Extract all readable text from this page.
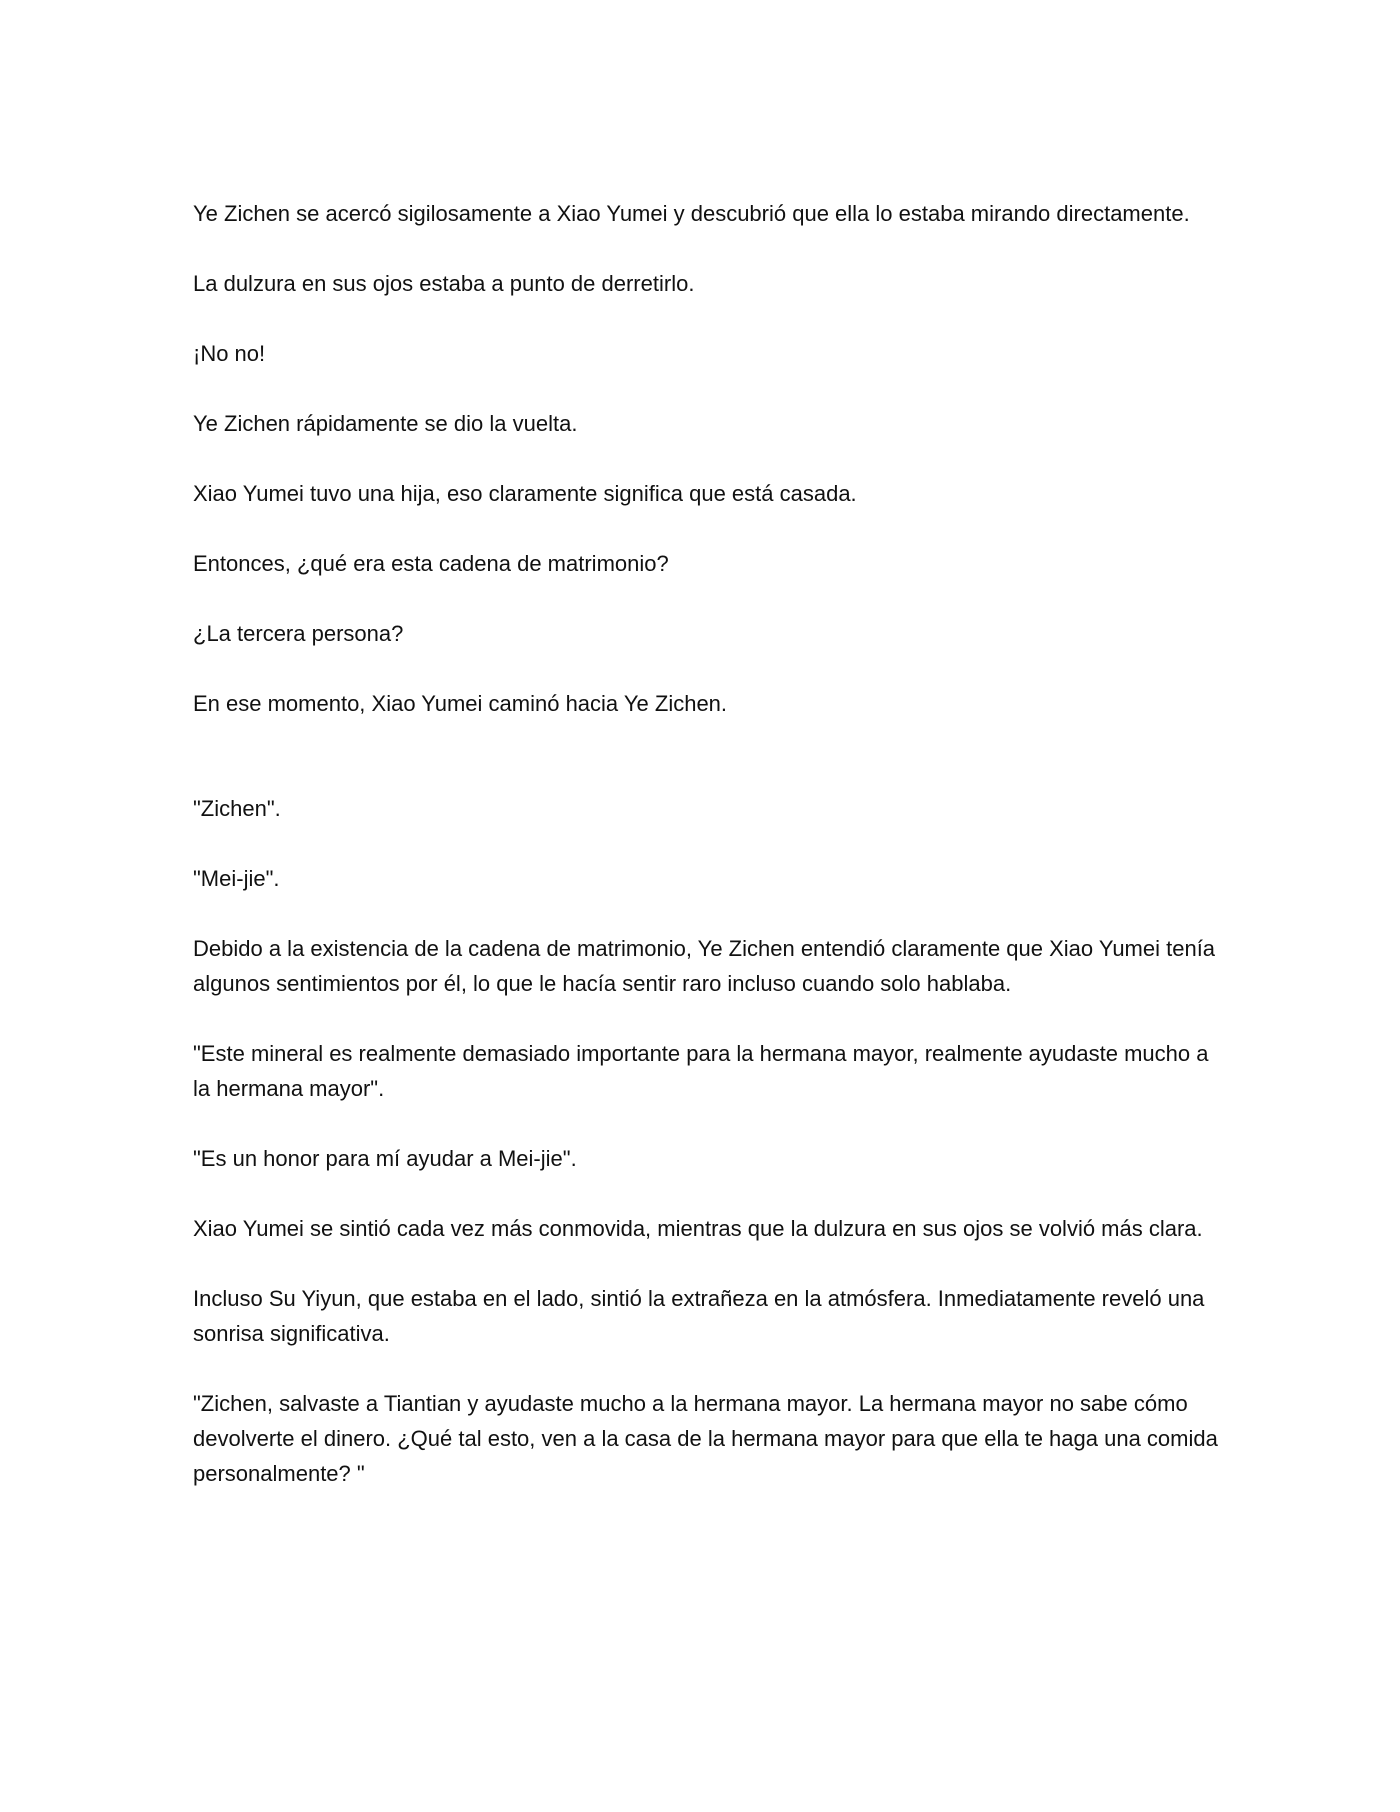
Ye Zichen se acercó sigilosamente a Xiao Yumei y descubrió que ella lo estaba mirando directamente.

La dulzura en sus ojos estaba a punto de derretirlo.

¡No no!

Ye Zichen rápidamente se dio la vuelta.

Xiao Yumei tuvo una hija, eso claramente significa que está casada.

Entonces, ¿qué era esta cadena de matrimonio?

¿La tercera persona?

En ese momento, Xiao Yumei caminó hacia Ye Zichen.

"Zichen".

"Mei-jie".

Debido a la existencia de la cadena de matrimonio, Ye Zichen entendió claramente que Xiao Yumei tenía algunos sentimientos por él, lo que le hacía sentir raro incluso cuando solo hablaba.

"Este mineral es realmente demasiado importante para la hermana mayor, realmente ayudaste mucho a la hermana mayor".

"Es un honor para mí ayudar a Mei-jie".

Xiao Yumei se sintió cada vez más conmovida, mientras que la dulzura en sus ojos se volvió más clara.

Incluso Su Yiyun, que estaba en el lado, sintió la extrañeza en la atmósfera. Inmediatamente reveló una sonrisa significativa.

"Zichen, salvaste a Tiantian y ayudaste mucho a la hermana mayor. La hermana mayor no sabe cómo devolverte el dinero. ¿Qué tal esto, ven a la casa de la hermana mayor para que ella te haga una comida personalmente? "
